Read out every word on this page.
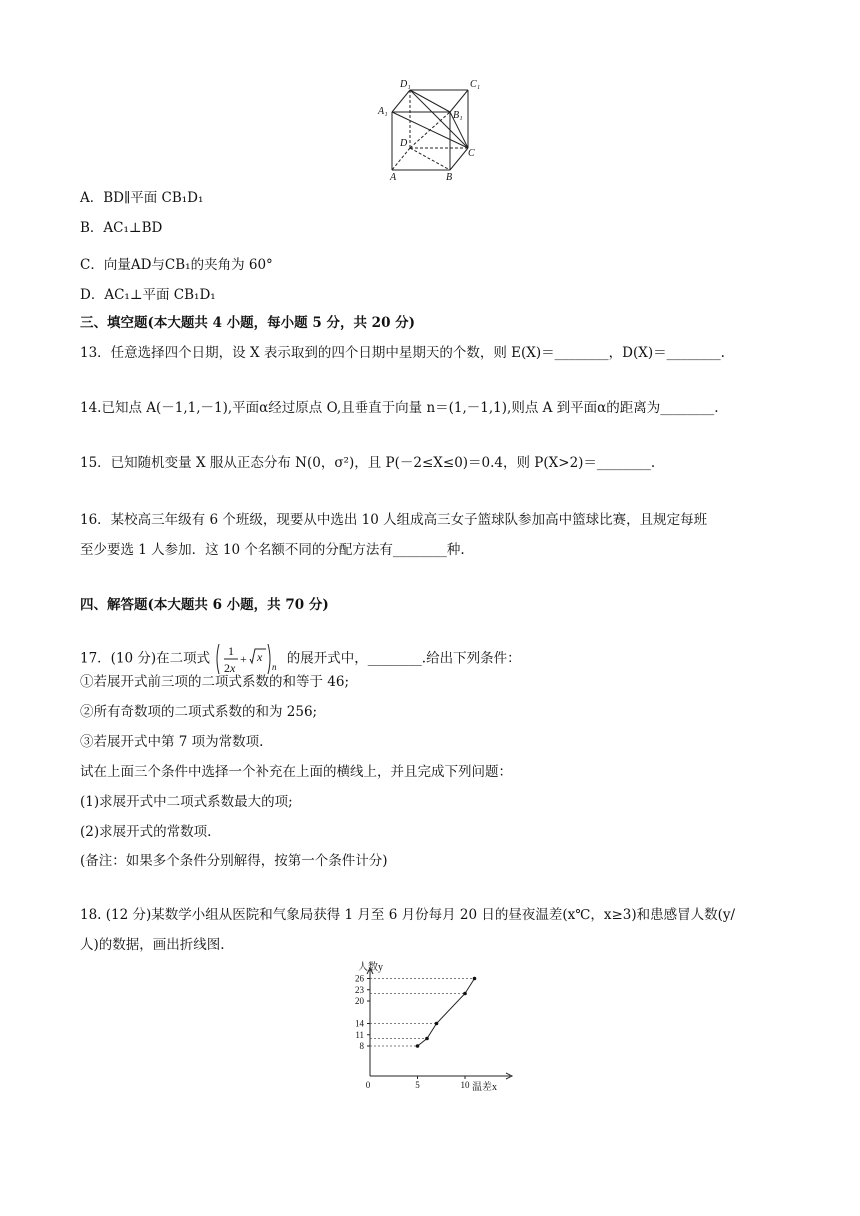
D₁	C₁
A₁	B₁
D
C
A	B
A．BD∥平面 CB₁D₁
B．AC₁⊥BD
C．向量AD与CB₁的夹角为 60°
D．AC₁⊥平面 CB₁D₁
三、填空题(本大题共 4 小题，每小题 5 分，共 20 分)
13．任意选择四个日期，设 X 表示取到的四个日期中星期天的个数，则 E(X)＝________，D(X)＝________.
14.已知点 A(－1,1,－1),平面α经过原点 O,且垂直于向量 n＝(1,－1,1),则点 A 到平面α的距离为________.
15．已知随机变量 X 服从正态分布 N(0，σ²)，且 P(－2≤X≤0)＝0.4，则 P(X>2)＝________.
16．某校高三年级有 6 个班级，现要从中选出 10 人组成高三女子篮球队参加高中篮球比赛，且规定每班
至少要选 1 人参加．这 10 个名额不同的分配方法有________种.
四、解答题(本大题共 6 小题，共 70 分)
17．(10 分)在二项式 1
2x
+ x
n
的展开式中，________.给出下列条件：
①若展开式前三项的二项式系数的和等于 46;
②所有奇数项的二项式系数的和为 256;
③若展开式中第 7 项为常数项.
试在上面三个条件中选择一个补充在上面的横线上，并且完成下列问题：
(1)求展开式中二项式系数最大的项;
(2)求展开式的常数项.
(备注：如果多个条件分别解得，按第一个条件计分)
18. (12 分)某数学小组从医院和气象局获得 1 月至 6 月份每月 20 日的昼夜温差(x℃，x≥3)和患感冒人数(y/
人)的数据，画出折线图.
人数y
温差x
8
11
14
20
23
26
0	5	10
